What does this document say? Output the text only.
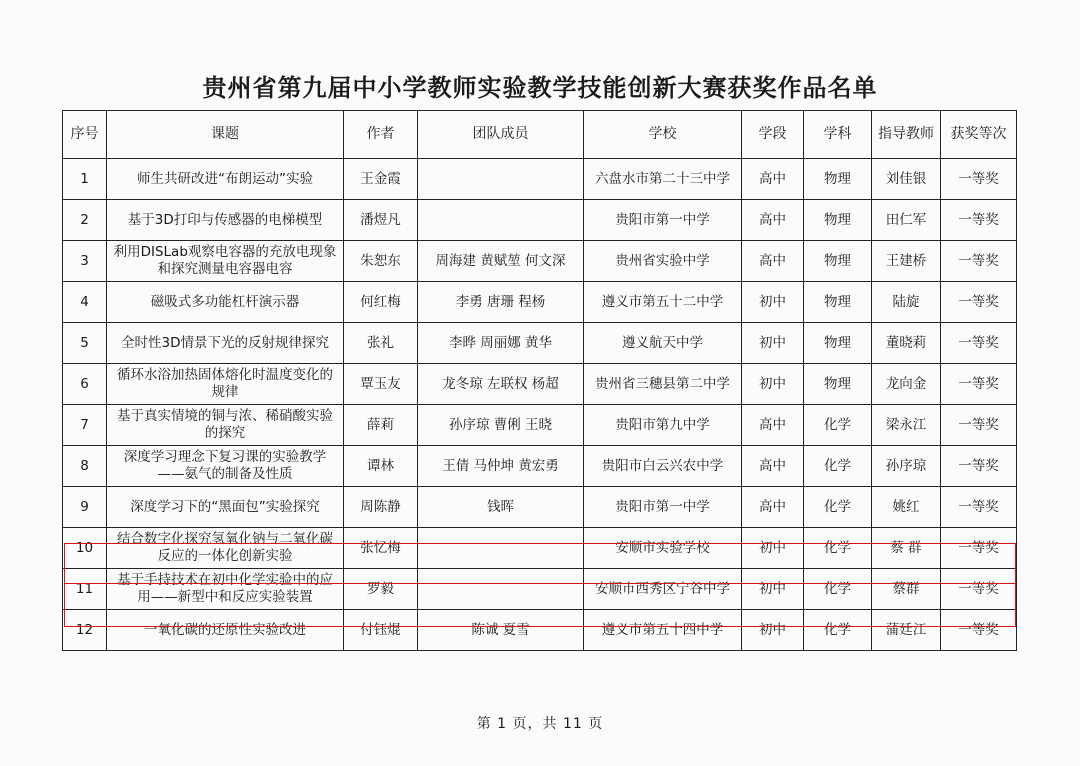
贵州省第九届中小学教师实验教学技能创新大赛获奖作品名单
序号	课题	作者	团队成员	学校	学段	学科	指导教师	获奖等次
1	师生共研改进“布朗运动”实验	王金霞		六盘水市第二十三中学	高中	物理	刘佳银	一等奖
2	基于3D打印与传感器的电梯模型	潘煜凡		贵阳市第一中学	高中	物理	田仁军	一等奖
3	利用DISLab观察电容器的充放电现象和探究测量电容器电容	朱恕东	周海建 黄赋堃 何文深	贵州省实验中学	高中	物理	王建桥	一等奖
4	磁吸式多功能杠杆演示器	何红梅	李勇 唐珊 程杨	遵义市第五十二中学	初中	物理	陆旋	一等奖
5	全时性3D情景下光的反射规律探究	张礼	李晔 周丽娜 黄华	遵义航天中学	初中	物理	董晓莉	一等奖
6	循环水浴加热固体熔化时温度变化的规律	覃玉友	龙冬琼 左联权 杨超	贵州省三穗县第二中学	初中	物理	龙向金	一等奖
7	基于真实情境的铜与浓、稀硝酸实验的探究	薛莉	孙序琼 曹俐 王晓	贵阳市第九中学	高中	化学	梁永江	一等奖
8	深度学习理念下复习课的实验教学——氨气的制备及性质	谭林	王倩 马仲坤 黄宏勇	贵阳市白云兴农中学	高中	化学	孙序琼	一等奖
9	深度学习下的“黑面包”实验探究	周陈静	钱晖	贵阳市第一中学	高中	化学	姚红	一等奖
10	结合数字化探究氢氧化钠与二氧化碳反应的一体化创新实验	张忆梅		安顺市实验学校	初中	化学	蔡 群	一等奖
11	基于手持技术在初中化学实验中的应用——新型中和反应实验装置	罗毅		安顺市西秀区宁谷中学	初中	化学	蔡群	一等奖
12	一氧化碳的还原性实验改进	付钰焜	陈诚 夏雪	遵义市第五十四中学	初中	化学	蒲廷江	一等奖
第 1 页，共 11 页
